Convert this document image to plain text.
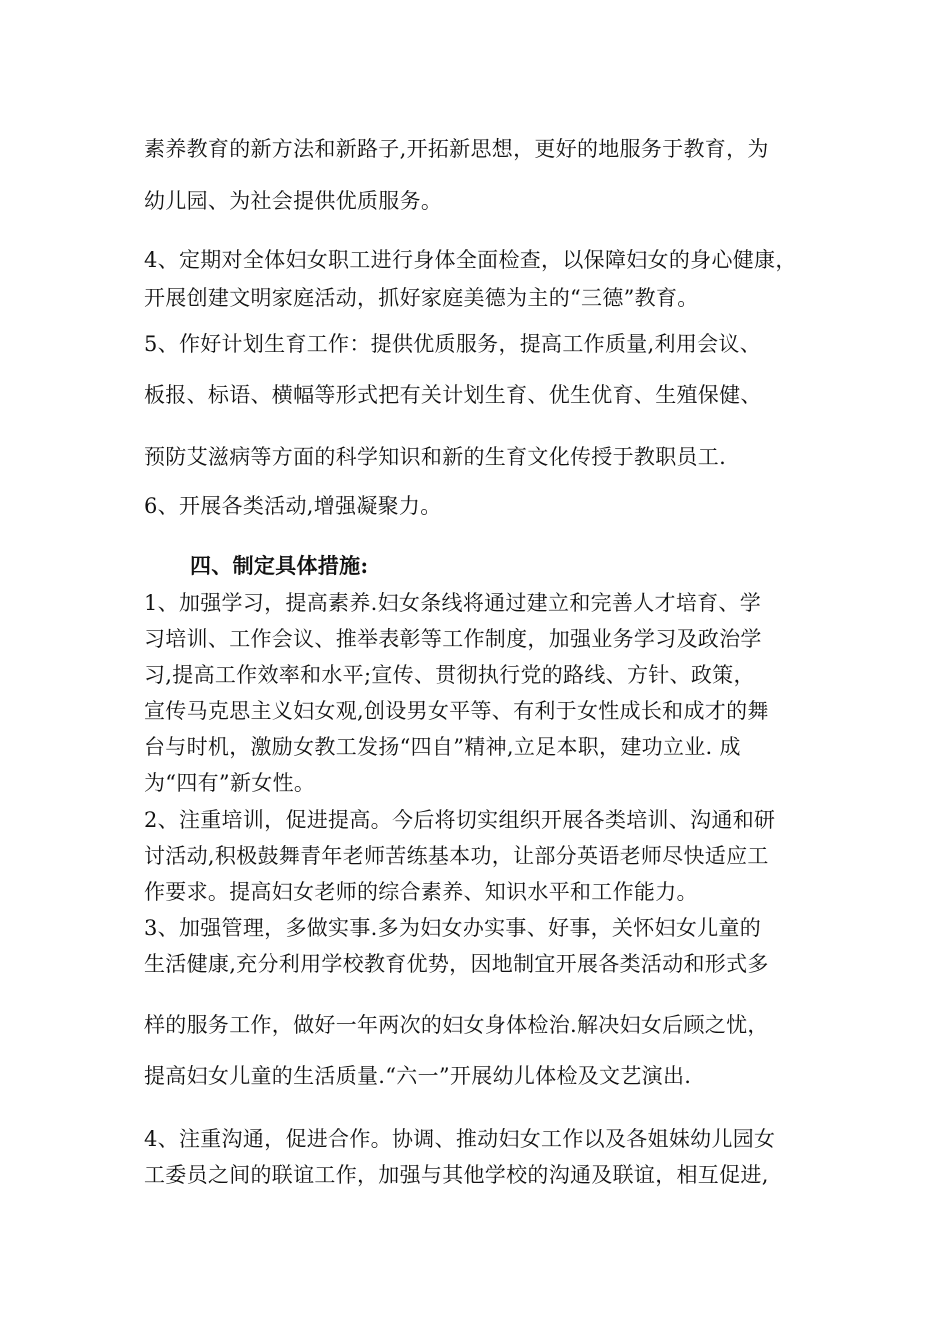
素养教育的新方法和新路子,开拓新思想，更好的地服务于教育，为
幼儿园、为社会提供优质服务。
4、定期对全体妇女职工进行身体全面检查，以保障妇女的身心健康，
开展创建文明家庭活动，抓好家庭美德为主的“三德”教育。
5、作好计划生育工作：提供优质服务，提高工作质量,利用会议、
板报、标语、横幅等形式把有关计划生育、优生优育、生殖保健、
预防艾滋病等方面的科学知识和新的生育文化传授于教职员工.
6、开展各类活动,增强凝聚力。
四、制定具体措施:
1、加强学习，提高素养.妇女条线将通过建立和完善人才培育、学
习培训、工作会议、推举表彰等工作制度，加强业务学习及政治学
习,提高工作效率和水平;宣传、贯彻执行党的路线、方针、政策，
宣传马克思主义妇女观,创设男女平等、有利于女性成长和成才的舞
台与时机，激励女教工发扬“四自”精神,立足本职，建功立业. 成
为“四有”新女性。
2、注重培训，促进提高。今后将切实组织开展各类培训、沟通和研
讨活动,积极鼓舞青年老师苦练基本功，让部分英语老师尽快适应工
作要求。提高妇女老师的综合素养、知识水平和工作能力。
3、加强管理，多做实事.多为妇女办实事、好事，关怀妇女儿童的
生活健康,充分利用学校教育优势，因地制宜开展各类活动和形式多
样的服务工作，做好一年两次的妇女身体检治.解决妇女后顾之忧，
提高妇女儿童的生活质量.“六一”开展幼儿体检及文艺演出.
4、注重沟通，促进合作。协调、推动妇女工作以及各姐妹幼儿园女
工委员之间的联谊工作，加强与其他学校的沟通及联谊，相互促进,
